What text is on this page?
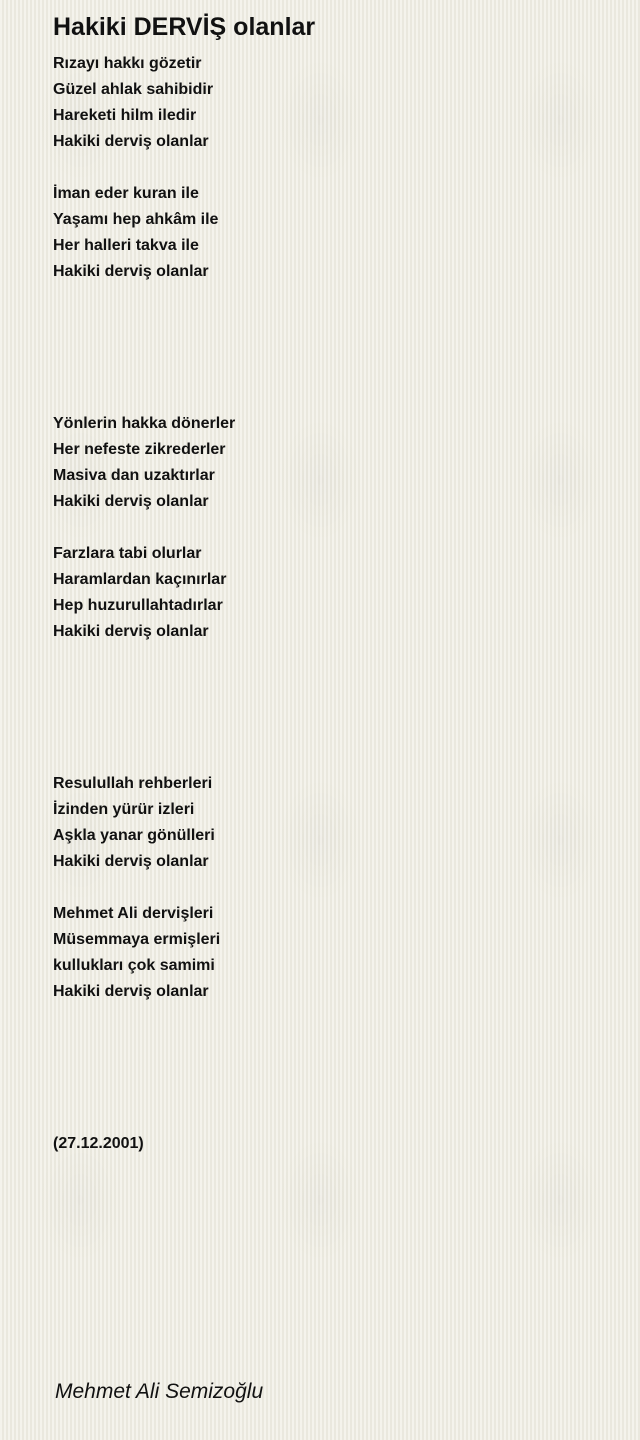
Hakiki DERVİŞ olanlar
Rızayı hakkı gözetir
Güzel ahlak sahibidir
Hareketi hilm iledir
Hakiki derviş olanlar
İman eder kuran ile
Yaşamı hep ahkâm ile
Her halleri takva ile
Hakiki derviş olanlar
Yönlerin hakka dönerler
Her nefeste zikrederler
Masiva dan uzaktırlar
Hakiki derviş olanlar
Farzlara tabi olurlar
Haramlardan kaçınırlar
Hep huzurullahtadırlar
Hakiki derviş olanlar
Resulullah rehberleri
İzinden yürür izleri
Aşkla yanar gönülleri
Hakiki derviş olanlar
Mehmet Ali dervişleri
Müsemmaya ermişleri
kullukları çok samimi
Hakiki derviş olanlar
(27.12.2001)
Mehmet Ali Semizoğlu
